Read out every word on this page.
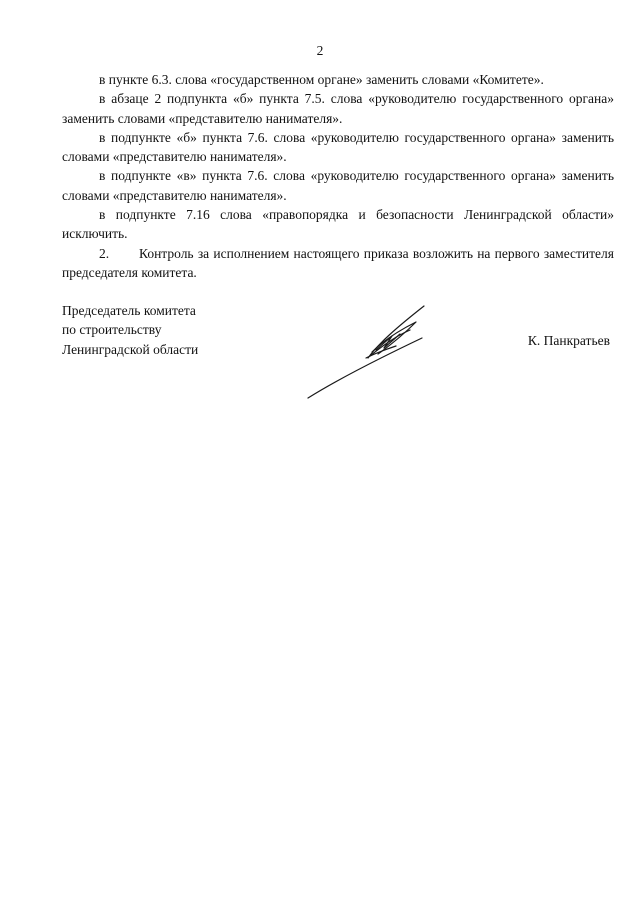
2

в пункте 6.3. слова «государственном органе» заменить словами «Комитете».

в абзаце 2 подпункта «б» пункта 7.5. слова «руководителю государственного органа» заменить словами «представителю нанимателя».

в подпункте «б» пункта 7.6. слова «руководителю государственного органа» заменить словами «представителю нанимателя».

в подпункте «в» пункта 7.6. слова «руководителю государственного органа» заменить словами «представителю нанимателя».

в подпункте 7.16 слова «правопорядка и безопасности Ленинградской области» исключить.

2. Контроль за исполнением настоящего приказа возложить на первого заместителя председателя комитета.

Председатель комитета
по строительству
Ленинградской области
К. Панкратьев
